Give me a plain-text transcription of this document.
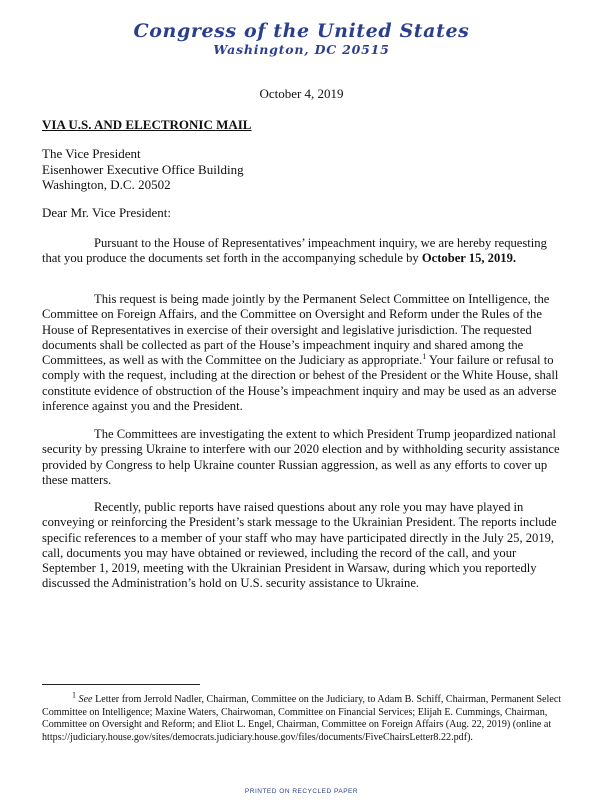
Congress of the United States
Washington, DC 20515
October 4, 2019
VIA U.S. AND ELECTRONIC MAIL
The Vice President
Eisenhower Executive Office Building
Washington, D.C. 20502
Dear Mr. Vice President:

Pursuant to the House of Representatives’ impeachment inquiry, we are hereby requesting that you produce the documents set forth in the accompanying schedule by October 15, 2019.

This request is being made jointly by the Permanent Select Committee on Intelligence, the Committee on Foreign Affairs, and the Committee on Oversight and Reform under the Rules of the House of Representatives in exercise of their oversight and legislative jurisdiction. The requested documents shall be collected as part of the House’s impeachment inquiry and shared among the Committees, as well as with the Committee on the Judiciary as appropriate.$^1$ Your failure or refusal to comply with the request, including at the direction or behest of the President or the White House, shall constitute evidence of obstruction of the House’s impeachment inquiry and may be used as an adverse inference against you and the President.

The Committees are investigating the extent to which President Trump jeopardized national security by pressing Ukraine to interfere with our 2020 election and by withholding security assistance provided by Congress to help Ukraine counter Russian aggression, as well as any efforts to cover up these matters.

Recently, public reports have raised questions about any role you may have played in conveying or reinforcing the President’s stark message to the Ukrainian President. The reports include specific references to a member of your staff who may have participated directly in the July 25, 2019, call, documents you may have obtained or reviewed, including the record of the call, and your September 1, 2019, meeting with the Ukrainian President in Warsaw, during which you reportedly discussed the Administration’s hold on U.S. security assistance to Ukraine.

$^1$ See Letter from Jerrold Nadler, Chairman, Committee on the Judiciary, to Adam B. Schiff, Chairman, Permanent Select Committee on Intelligence; Maxine Waters, Chairwoman, Committee on Financial Services; Elijah E. Cummings, Chairman, Committee on Oversight and Reform; and Eliot L. Engel, Chairman, Committee on Foreign Affairs (Aug. 22, 2019) (online at https://judiciary.house.gov/sites/democrats.judiciary.house.gov/files/documents/FiveChairsLetter8.22.pdf).

PRINTED ON RECYCLED PAPER
